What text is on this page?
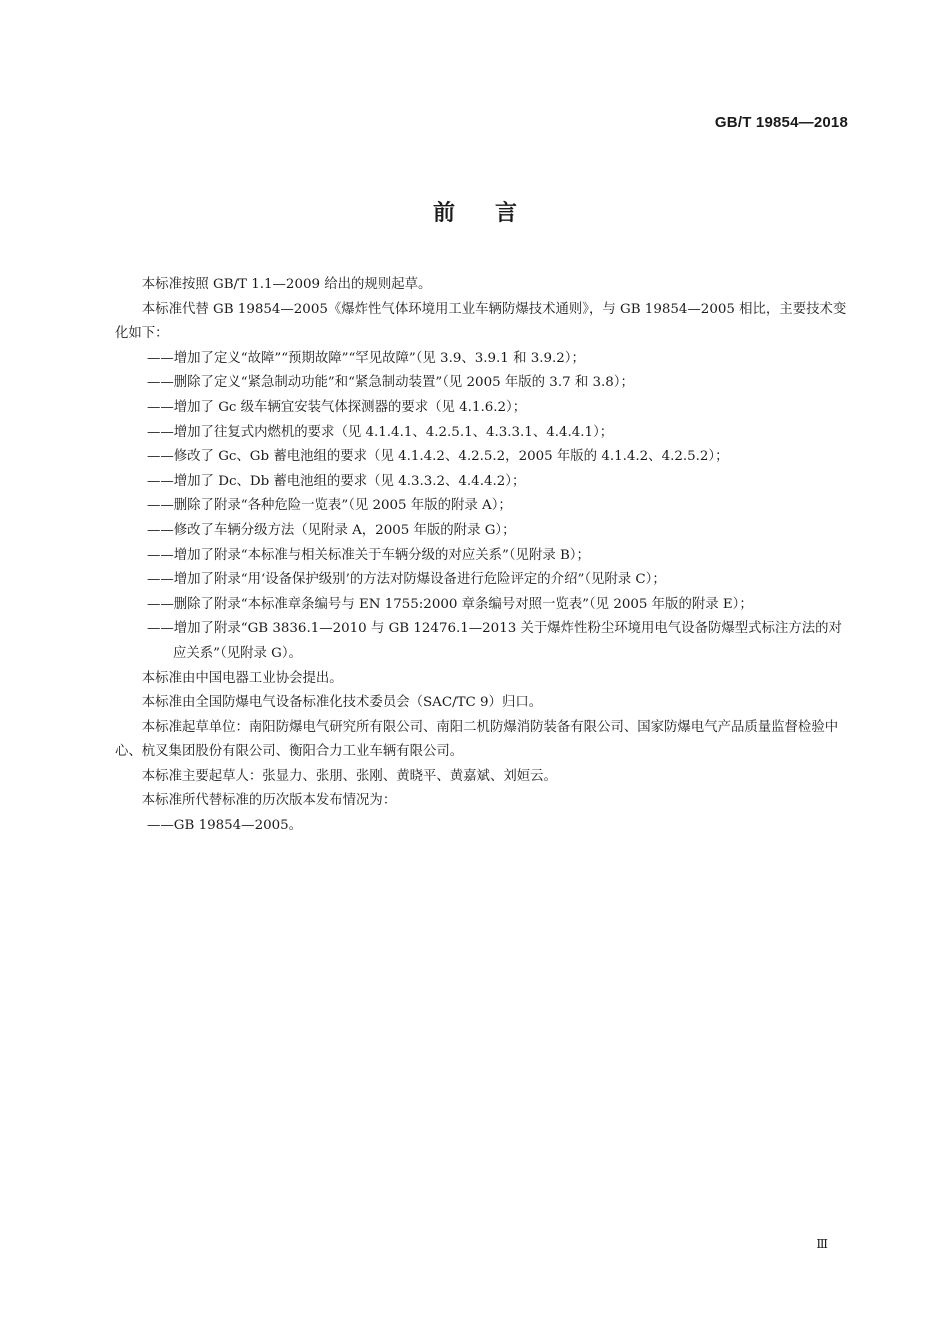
GB/T 19854—2018
前言

本标准按照 GB/T 1.1—2009 给出的规则起草。

本标准代替 GB 19854—2005《爆炸性气体环境用工业车辆防爆技术通则》，与 GB 19854—2005 相比，主要技术变化如下：

——增加了定义“故障”“预期故障”“罕见故障”（见 3.9、3.9.1 和 3.9.2）；

——删除了定义“紧急制动功能”和“紧急制动装置”（见 2005 年版的 3.7 和 3.8）；

——增加了 Gc 级车辆宜安装气体探测器的要求（见 4.1.6.2）；

——增加了往复式内燃机的要求（见 4.1.4.1、4.2.5.1、4.3.3.1、4.4.4.1）；

——修改了 Gc、Gb 蓄电池组的要求（见 4.1.4.2、4.2.5.2，2005 年版的 4.1.4.2、4.2.5.2）；

——增加了 Dc、Db 蓄电池组的要求（见 4.3.3.2、4.4.4.2）；

——删除了附录“各种危险一览表”（见 2005 年版的附录 A）；

——修改了车辆分级方法（见附录 A，2005 年版的附录 G）；

——增加了附录“本标准与相关标准关于车辆分级的对应关系”（见附录 B）；

——增加了附录“用‘设备保护级别’的方法对防爆设备进行危险评定的介绍”（见附录 C）；

——删除了附录“本标准章条编号与 EN 1755:2000 章条编号对照一览表”（见 2005 年版的附录 E）；

——增加了附录“GB 3836.1—2010 与 GB 12476.1—2013 关于爆炸性粉尘环境用电气设备防爆型式标注方法的对应关系”（见附录 G）。

本标准由中国电器工业协会提出。

本标准由全国防爆电气设备标准化技术委员会（SAC/TC 9）归口。

本标准起草单位：南阳防爆电气研究所有限公司、南阳二机防爆消防装备有限公司、国家防爆电气产品质量监督检验中心、杭叉集团股份有限公司、衡阳合力工业车辆有限公司。

本标准主要起草人：张显力、张朋、张刚、黄晓平、黄嘉斌、刘姮云。

本标准所代替标准的历次版本发布情况为：

——GB 19854—2005。

Ⅲ
